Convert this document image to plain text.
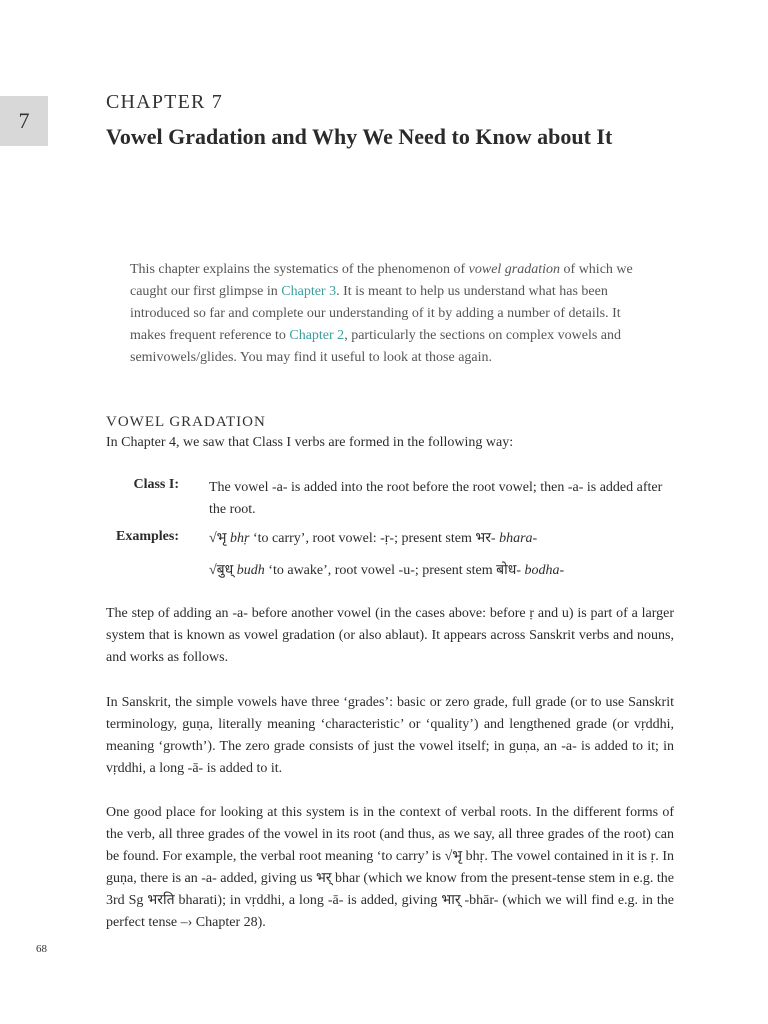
7
CHAPTER 7
Vowel Gradation and Why We Need to Know about It
This chapter explains the systematics of the phenomenon of vowel gradation of which we caught our first glimpse in Chapter 3. It is meant to help us understand what has been introduced so far and complete our understanding of it by adding a number of details. It makes frequent reference to Chapter 2, particularly the sections on complex vowels and semivowels/glides. You may find it useful to look at those again.
VOWEL GRADATION
In Chapter 4, we saw that Class I verbs are formed in the following way:
Class I: The vowel -a- is added into the root before the root vowel; then -a- is added after the root.
Examples: √भृ bhṛ ‘to carry’, root vowel: -ṛ-; present stem भर- bhara-
√बुध् budh ‘to awake’, root vowel -u-; present stem बोध- bodha-
The step of adding an -a- before another vowel (in the cases above: before ṛ and u) is part of a larger system that is known as vowel gradation (or also ablaut). It appears across Sanskrit verbs and nouns, and works as follows.
In Sanskrit, the simple vowels have three ‘grades’: basic or zero grade, full grade (or to use Sanskrit terminology, guṇa, literally meaning ‘characteristic’ or ‘quality’) and lengthened grade (or vṛddhi, meaning ‘growth’). The zero grade consists of just the vowel itself; in guṇa, an -a- is added to it; in vṛddhi, a long -ā- is added to it.
One good place for looking at this system is in the context of verbal roots. In the different forms of the verb, all three grades of the vowel in its root (and thus, as we say, all three grades of the root) can be found. For example, the verbal root meaning ‘to carry’ is √भृ bhṛ. The vowel contained in it is ṛ. In guṇa, there is an -a- added, giving us भर् bhar (which we know from the present-tense stem in e.g. the 3rd Sg भरति bharati); in vṛddhi, a long -ā- is added, giving भार् -bhār- (which we will find e.g. in the perfect tense –› Chapter 28).
68
